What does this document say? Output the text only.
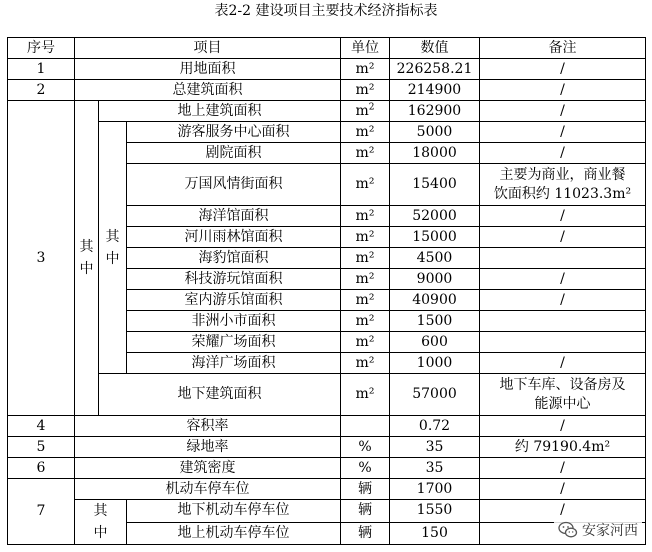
表2-2 建设项目主要技术经济指标表
序号	项目			单位	数值	备注
1	用地面积			m²	226258.21	/
2	总建筑面积			m²	214900	/
3	其中	地上建筑面积		$m^2$	162900	/
		其中	游客服务中心面积	m²	5000	/
			剧院面积	m²	18000	/
			万国风情街面积	m²	15400	主要为商业，商业餐
饮面积约 11023.3m²

			海洋馆面积	m²	52000	/
			河川雨林馆面积	m²	15000	/
			海豹馆面积	m²	4500	
			科技游玩馆面积	m²	9000	/
			室内游乐馆面积	m²	40900	/
			非洲小市面积	m²	1500	
			荣耀广场面积	m²	600	
			海洋广场面积	m²	1000	/
		地下建筑面积		m²	57000	地下车库、设备房及
能源中心

4	容积率				0.72	/
5	绿地率			%	35	约 79190.4m²
6	建筑密度			%	35	/
7	机动车停车位			辆	1700	/
	其中		地下机动车停车位	辆	1550	/
			地上机动车停车位	辆	150		安家河西
